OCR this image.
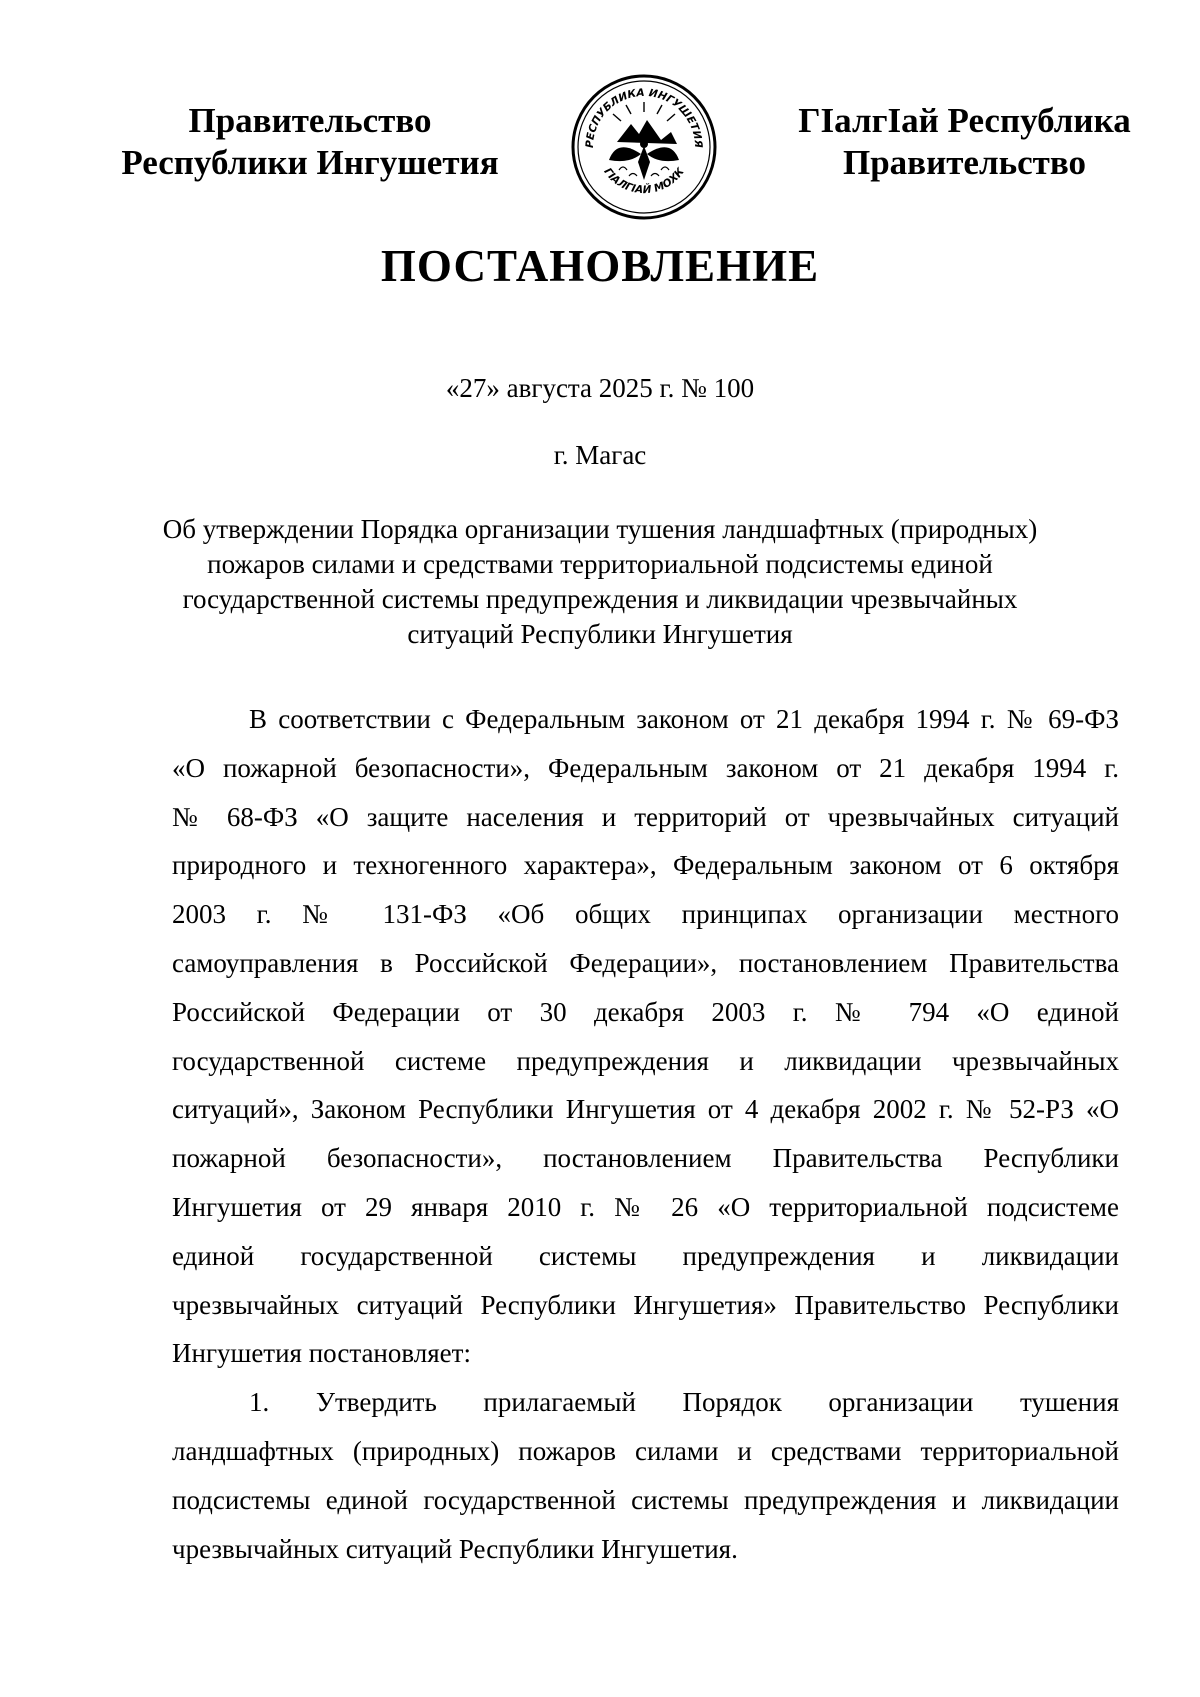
Правительство
Республики Ингушетия	РЕСПУБЛИКА ИНГУШЕТИЯ
ГIАЛГIАЙ МОХК
ГIалгIай Республика
Правительство
ПОСТАНОВЛЕНИЕ
«27» августа 2025 г. № 100
г. Магас
Об утверждении Порядка организации тушения ландшафтных (природных)
пожаров силами и средствами территориальной подсистемы единой
государственной системы предупреждения и ликвидации чрезвычайных
ситуаций Республики Ингушетия
В соответствии с Федеральным законом от 21 декабря 1994 г. № 69-ФЗ
«О пожарной безопасности», Федеральным законом от 21 декабря 1994 г.
№ 68-ФЗ «О защите населения и территорий от чрезвычайных ситуаций
природного и техногенного характера», Федеральным законом от 6 октября
2003 г. № 131-ФЗ «Об общих принципах организации местного
самоуправления в Российской Федерации», постановлением Правительства
Российской Федерации от 30 декабря 2003 г. № 794 «О единой
государственной системе предупреждения и ликвидации чрезвычайных
ситуаций», Законом Республики Ингушетия от 4 декабря 2002 г. № 52-РЗ «О
пожарной безопасности», постановлением Правительства Республики
Ингушетия от 29 января 2010 г. № 26 «О территориальной подсистеме
единой государственной системы предупреждения и ликвидации
чрезвычайных ситуаций Республики Ингушетия» Правительство Республики
Ингушетия постановляет:
1. Утвердить прилагаемый Порядок организации тушения
ландшафтных (природных) пожаров силами и средствами территориальной
подсистемы единой государственной системы предупреждения и ликвидации
чрезвычайных ситуаций Республики Ингушетия.
